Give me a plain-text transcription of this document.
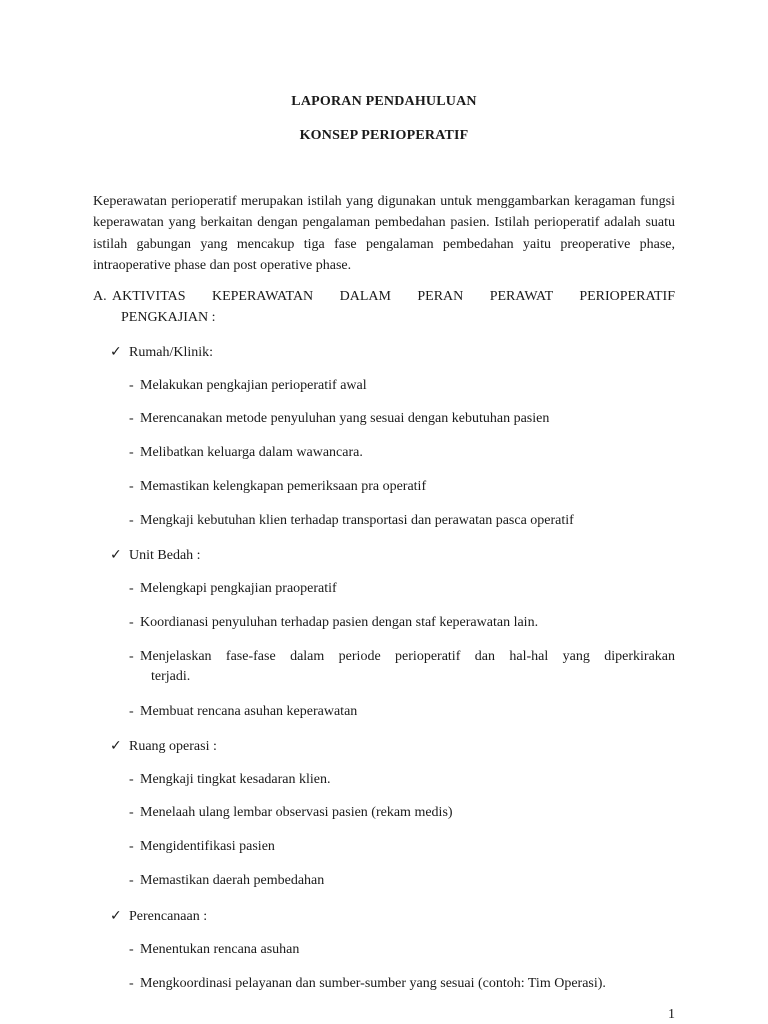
LAPORAN PENDAHULUAN
KONSEP PERIOPERATIF

Keperawatan perioperatif merupakan istilah yang digunakan untuk menggambarkan keragaman fungsi keperawatan yang berkaitan dengan pengalaman pembedahan pasien. Istilah perioperatif adalah suatu istilah gabungan yang mencakup tiga fase pengalaman pembedahan yaitu preoperative phase, intraoperative phase dan post operative phase.

A. AKTIVITAS KEPERAWATAN DALAM PERAN PERAWAT PERIOPERATIF
PENGKAJIAN :
✓ Rumah/Klinik:
- Melakukan pengkajian perioperatif awal
- Merencanakan metode penyuluhan yang sesuai dengan kebutuhan pasien
- Melibatkan keluarga dalam wawancara.
- Memastikan kelengkapan pemeriksaan pra operatif
- Mengkaji kebutuhan klien terhadap transportasi dan perawatan pasca operatif
✓ Unit Bedah :
- Melengkapi pengkajian praoperatif
- Koordianasi penyuluhan terhadap pasien dengan staf keperawatan lain.
- Menjelaskan fase-fase dalam periode perioperatif dan hal-hal yang diperkirakan
terjadi.
- Membuat rencana asuhan keperawatan
✓ Ruang operasi :
- Mengkaji tingkat kesadaran klien.
- Menelaah ulang lembar observasi pasien (rekam medis)
- Mengidentifikasi pasien
- Memastikan daerah pembedahan
✓ Perencanaan :
- Menentukan rencana asuhan
- Mengkoordinasi pelayanan dan sumber-sumber yang sesuai (contoh: Tim Operasi).
1
